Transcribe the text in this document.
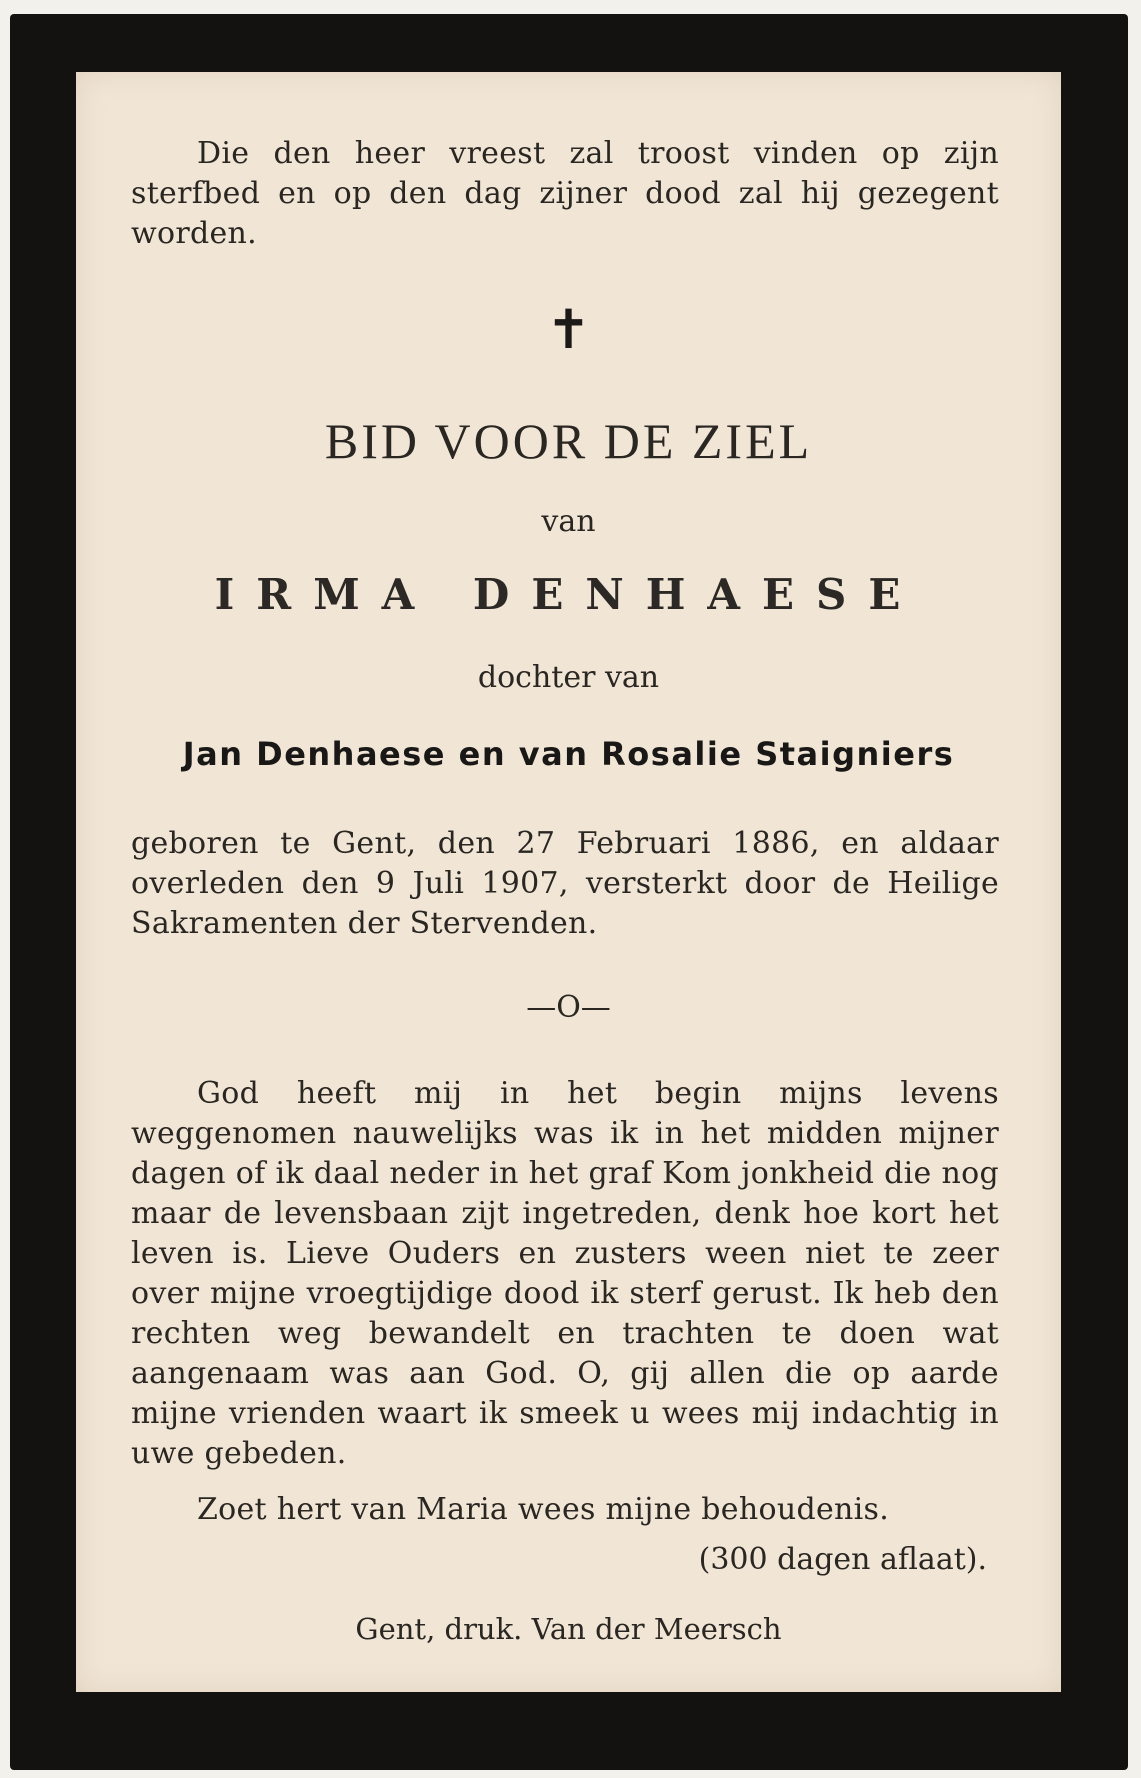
Die den heer vreest zal troost vinden op zijn sterfbed en op den dag zijner dood zal hij gezegent worden.

✝
BID VOOR DE ZIEL
van
IRMA DENHAESE
dochter van
Jan Denhaese en van Rosalie Staigniers

geboren te Gent, den 27 Februari 1886, en aldaar overleden den 9 Juli 1907, versterkt door de Heilige Sakramenten der Stervenden.

—O—

God heeft mij in het begin mijns levens weggenomen nauwelijks was ik in het midden mijner dagen of ik daal neder in het graf Kom jonkheid die nog maar de levensbaan zijt ingetreden, denk hoe kort het leven is. Lieve Ouders en zusters ween niet te zeer over mijne vroegtijdige dood ik sterf gerust. Ik heb den rechten weg bewandelt en trachten te doen wat aangenaam was aan God. O, gij allen die op aarde mijne vrienden waart ik smeek u wees mij indachtig in uwe gebeden.

Zoet hert van Maria wees mijne behoudenis.

(300 dagen aflaat).
Gent, druk. Van der Meersch
